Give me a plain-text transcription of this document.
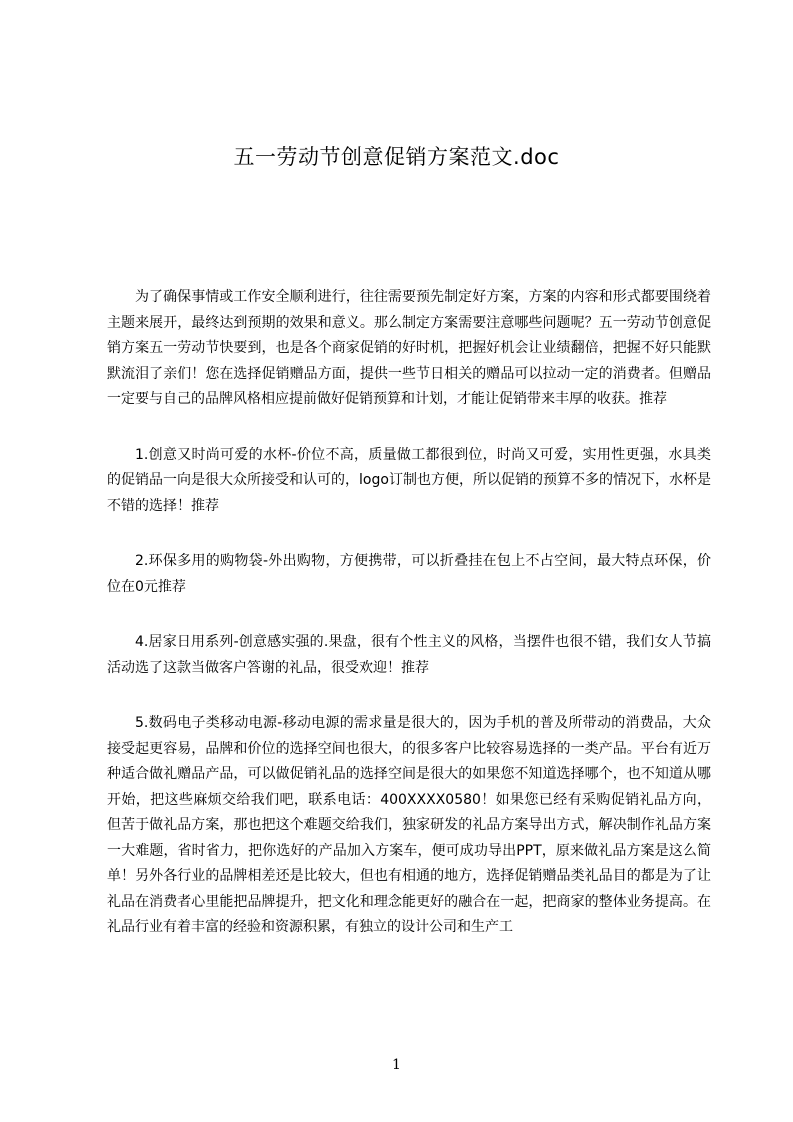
五一劳动节创意促销方案范文.doc

为了确保事情或工作安全顺利进行，往往需要预先制定好方案，方案的内容和形式都要围绕着主题来展开，最终达到预期的效果和意义。那么制定方案需要注意哪些问题呢？五一劳动节创意促销方案五一劳动节快要到，也是各个商家促销的好时机，把握好机会让业绩翻倍，把握不好只能默默流泪了亲们！您在选择促销赠品方面，提供一些节日相关的赠品可以拉动一定的消费者。但赠品一定要与自己的品牌风格相应提前做好促销预算和计划，才能让促销带来丰厚的收获。推荐

1.创意又时尚可爱的水杯-价位不高，质量做工都很到位，时尚又可爱，实用性更强，水具类的促销品一向是很大众所接受和认可的，logo订制也方便，所以促销的预算不多的情况下，水杯是不错的选择！推荐

2.环保多用的购物袋-外出购物，方便携带，可以折叠挂在包上不占空间，最大特点环保，价位在0元推荐

4.居家日用系列-创意感实强的.果盘，很有个性主义的风格，当摆件也很不错，我们女人节搞活动选了这款当做客户答谢的礼品，很受欢迎！推荐

5.数码电子类移动电源-移动电源的需求量是很大的，因为手机的普及所带动的消费品，大众接受起更容易，品牌和价位的选择空间也很大，的很多客户比较容易选择的一类产品。平台有近万种适合做礼赠品产品，可以做促销礼品的选择空间是很大的如果您不知道选择哪个，也不知道从哪开始，把这些麻烦交给我们吧，联系电话：400XXXX0580！如果您已经有采购促销礼品方向，但苦于做礼品方案，那也把这个难题交给我们，独家研发的礼品方案导出方式，解决制作礼品方案一大难题，省时省力，把你选好的产品加入方案车，便可成功导出PPT，原来做礼品方案是这么简单！另外各行业的品牌相差还是比较大，但也有相通的地方，选择促销赠品类礼品目的都是为了让礼品在消费者心里能把品牌提升，把文化和理念能更好的融合在一起，把商家的整体业务提高。在礼品行业有着丰富的经验和资源积累，有独立的设计公司和生产工

1
